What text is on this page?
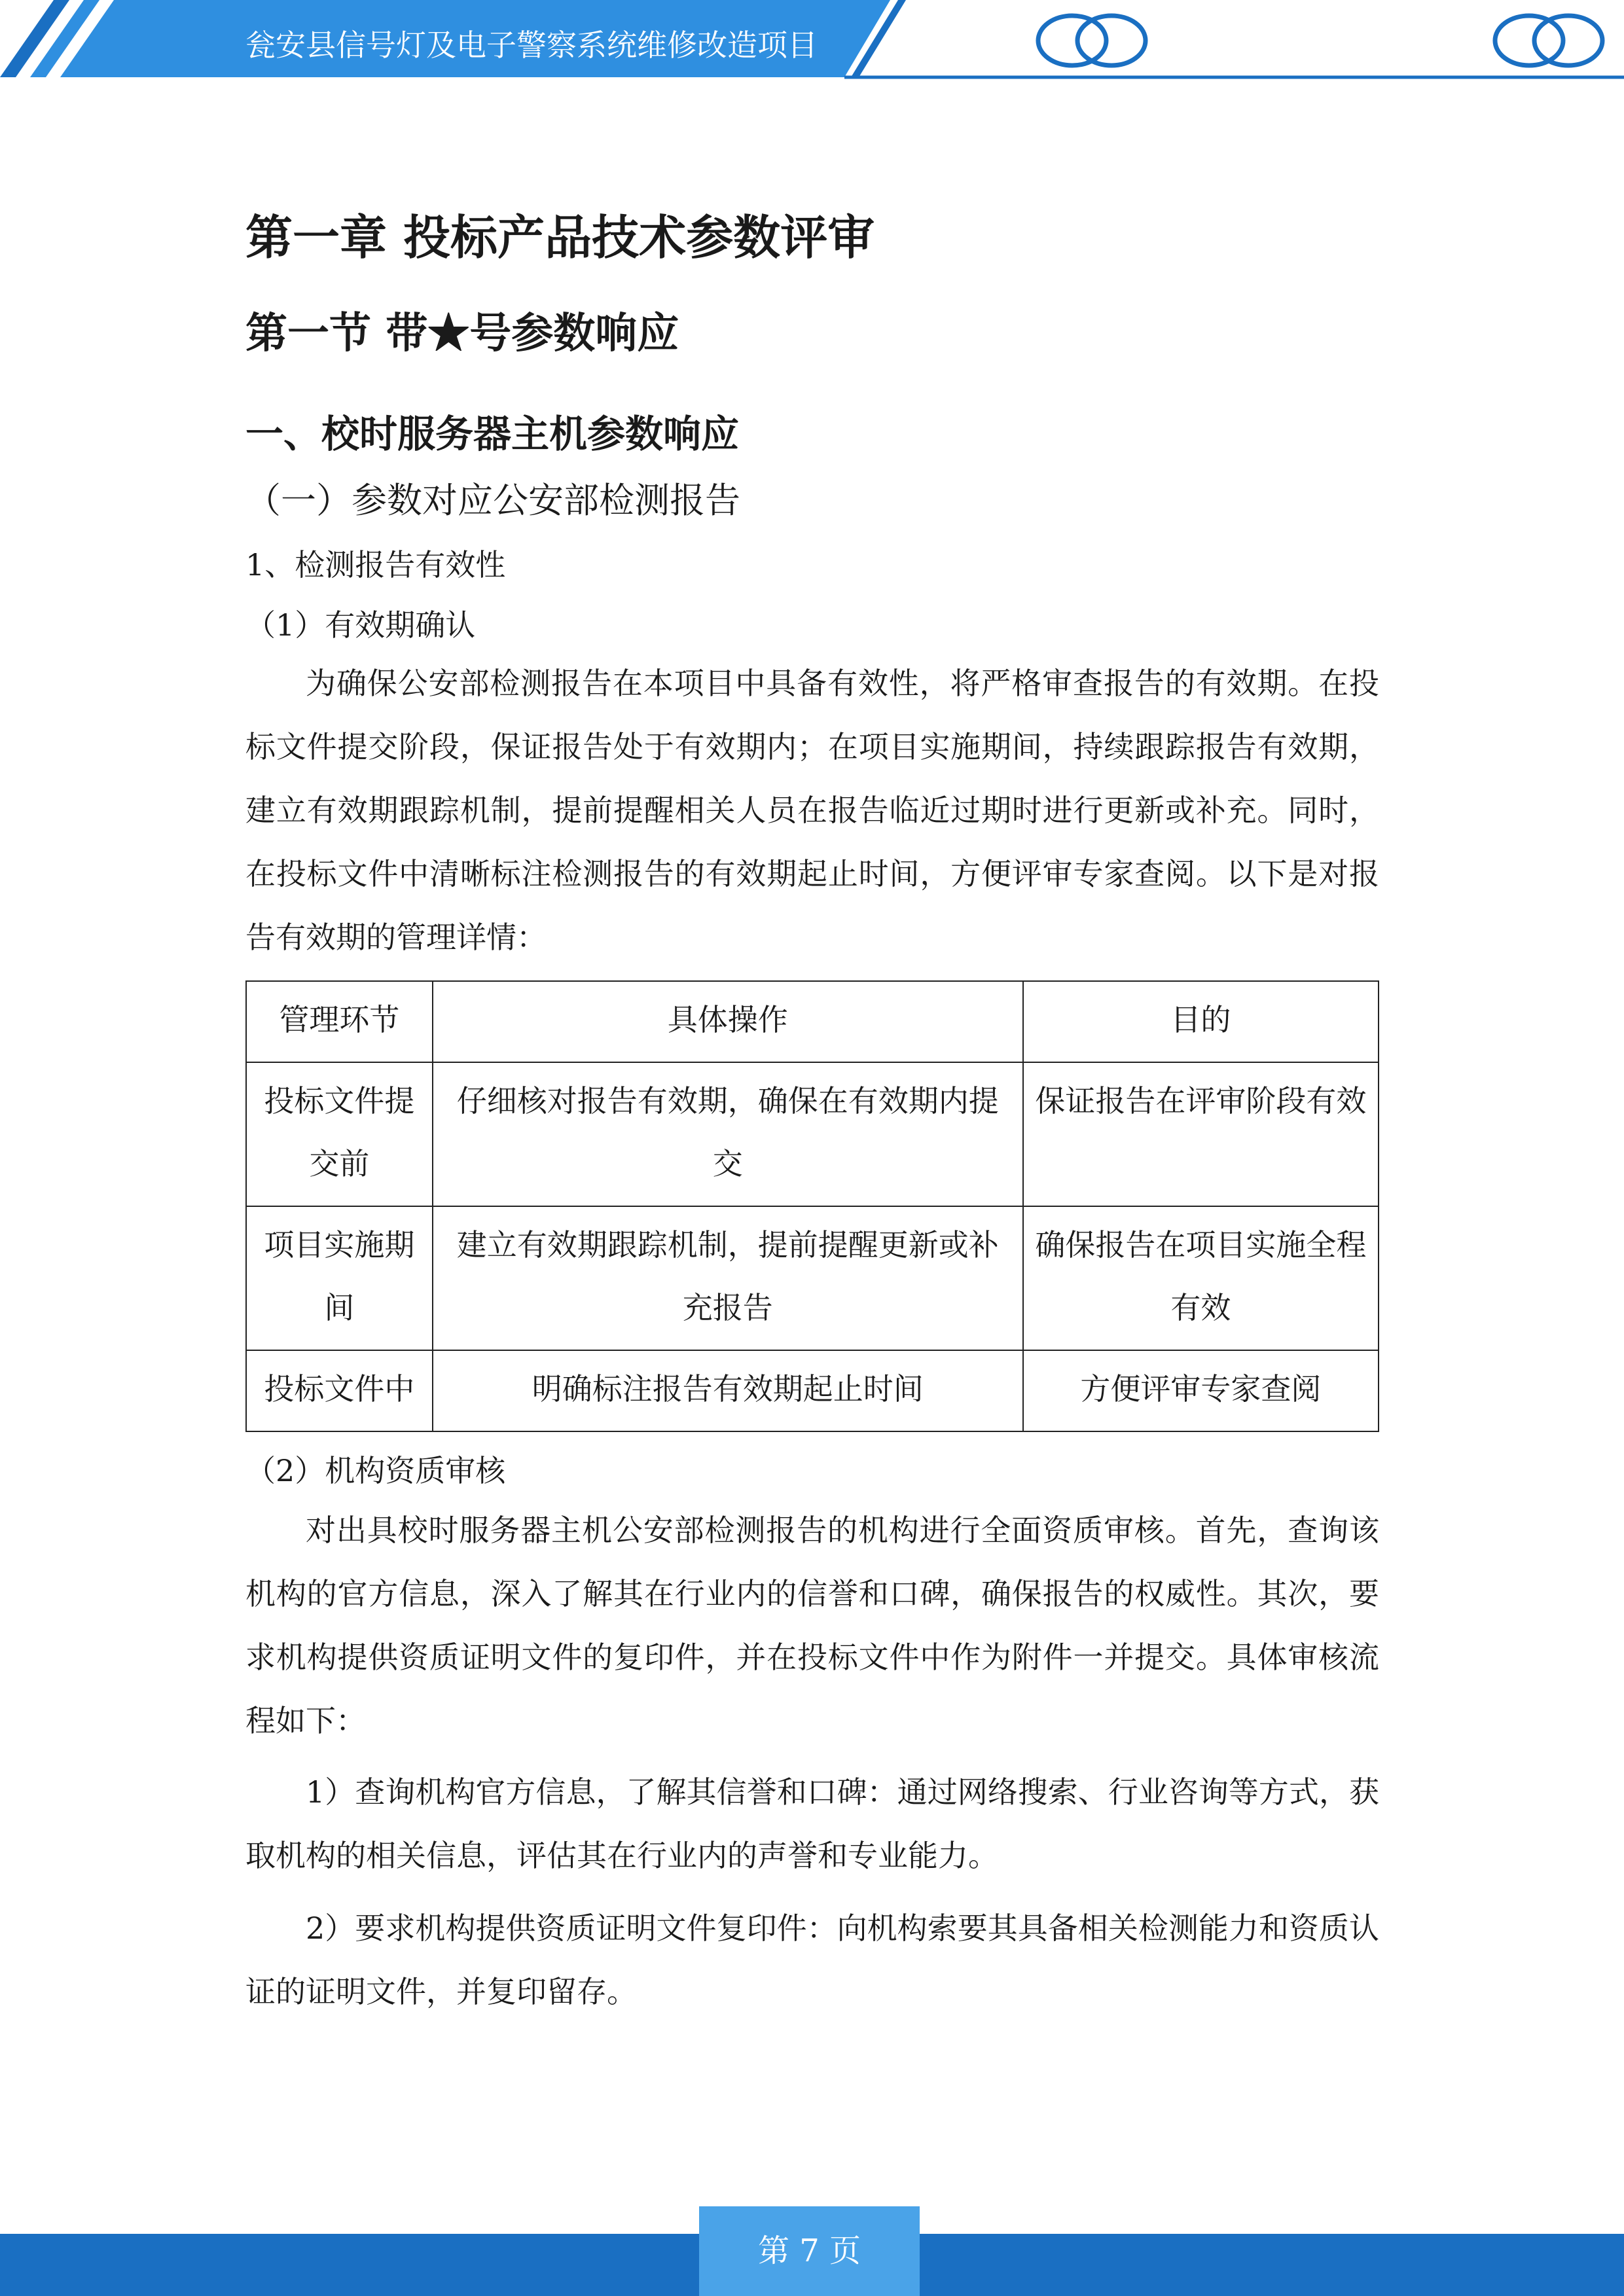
瓮安县信号灯及电子警察系统维修改造项目
第一章 投标产品技术参数评审
第一节 带★号参数响应
一、校时服务器主机参数响应

（一）参数对应公安部检测报告

1、检测报告有效性

（1）有效期确认

为确保公安部检测报告在本项目中具备有效性，将严格审查报告的有效期。在投标文件提交阶段，保证报告处于有效期内；在项目实施期间，持续跟踪报告有效期，建立有效期跟踪机制，提前提醒相关人员在报告临近过期时进行更新或补充。同时，在投标文件中清晰标注检测报告的有效期起止时间，方便评审专家查阅。以下是对报告有效期的管理详情：

管理环节	具体操作	目的
投标文件提交前	仔细核对报告有效期，确保在有效期内提交	保证报告在评审阶段有效
项目实施期间	建立有效期跟踪机制，提前提醒更新或补充报告	确保报告在项目实施全程有效
投标文件中	明确标注报告有效期起止时间	方便评审专家查阅

（2）机构资质审核

对出具校时服务器主机公安部检测报告的机构进行全面资质审核。首先，查询该机构的官方信息，深入了解其在行业内的信誉和口碑，确保报告的权威性。其次，要求机构提供资质证明文件的复印件，并在投标文件中作为附件一并提交。具体审核流程如下：

1）查询机构官方信息，了解其信誉和口碑：通过网络搜索、行业咨询等方式，获取机构的相关信息，评估其在行业内的声誉和专业能力。

2）要求机构提供资质证明文件复印件：向机构索要其具备相关检测能力和资质认证的证明文件，并复印留存。

第 7 页
